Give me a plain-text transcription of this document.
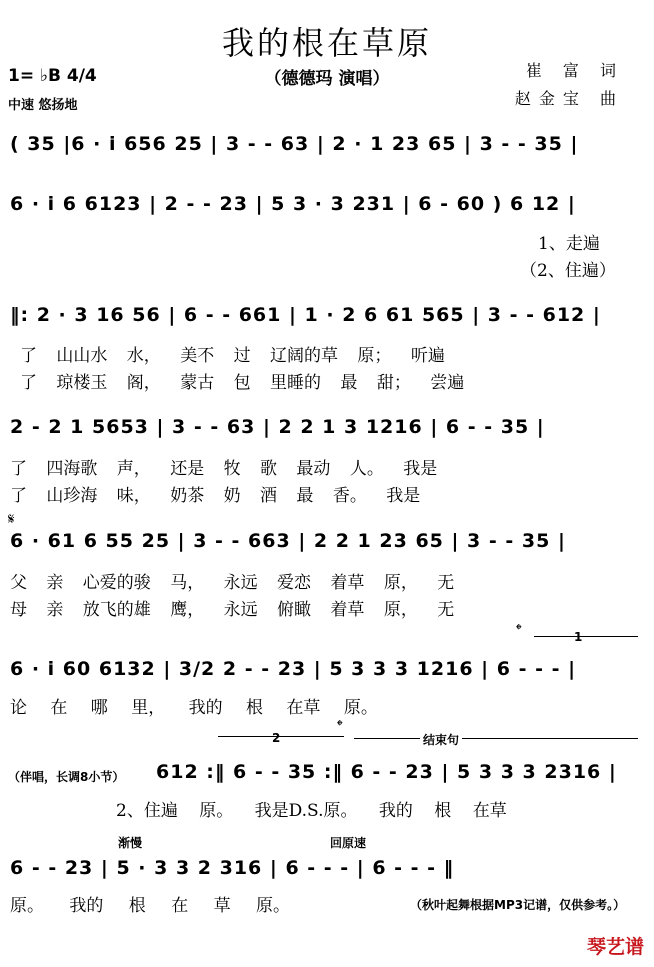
我的根在草原
（德德玛 演唱）
1= ♭B 4/4
中速 悠扬地
崔 富 词
赵金宝 曲
( 35 |6 · i 656 25 | 3 - - 63 | 2 · 1 23 65 | 3 - - 35 |
6 · i 6 6123 | 2 - - 23 | 5 3 · 3 231 | 6 - 60 ) 6 12 |
1、走遍
（2、住遍）
‖: 2 · 3 16 56 | 6 - - 661 | 1 · 2 6 61 565 | 3 - - 612 |
了 山山水 水， 美不 过 辽阔的草 原； 听遍
了 琼楼玉 阁， 蒙古 包 里睡的 最 甜； 尝遍
2 - 2 1 5653 | 3 - - 63 | 2 2 1 3 1216 | 6 - - 35 |
了 四海歌 声， 还是 牧 歌 最动 人。 我是
了 山珍海 味， 奶茶 奶 酒 最 香。 我是
𝄋
6 · 61 6 55 25 | 3 - - 663 | 2 2 1 23 65 | 3 - - 35 |
父 亲 心爱的骏 马， 永远 爱恋 着草 原， 无
母 亲 放飞的雄 鹰， 永远 俯瞰 着草 原， 无
𝄌	1
6 · i 60 6132 | 3/2 2 - - 23 | 5 3 3 3 1216 | 6 - - - |
论 在 哪 里， 我的 根 在草 原。
𝄌
2	结束句
（伴唱，长调8小节） 612 :‖ 6 - - 35 :‖ 6 - - 23 | 5 3 3 3 2316 |
2、住遍 原。 我是D.S.原。 我的 根 在草
渐慢	回原速
6 - - 23 | 5 · 3 3 2 316 | 6 - - - | 6 - - - ‖
原。 我的 根 在 草 原。	（秋叶起舞根据MP3记谱，仅供参考。）
琴艺谱
